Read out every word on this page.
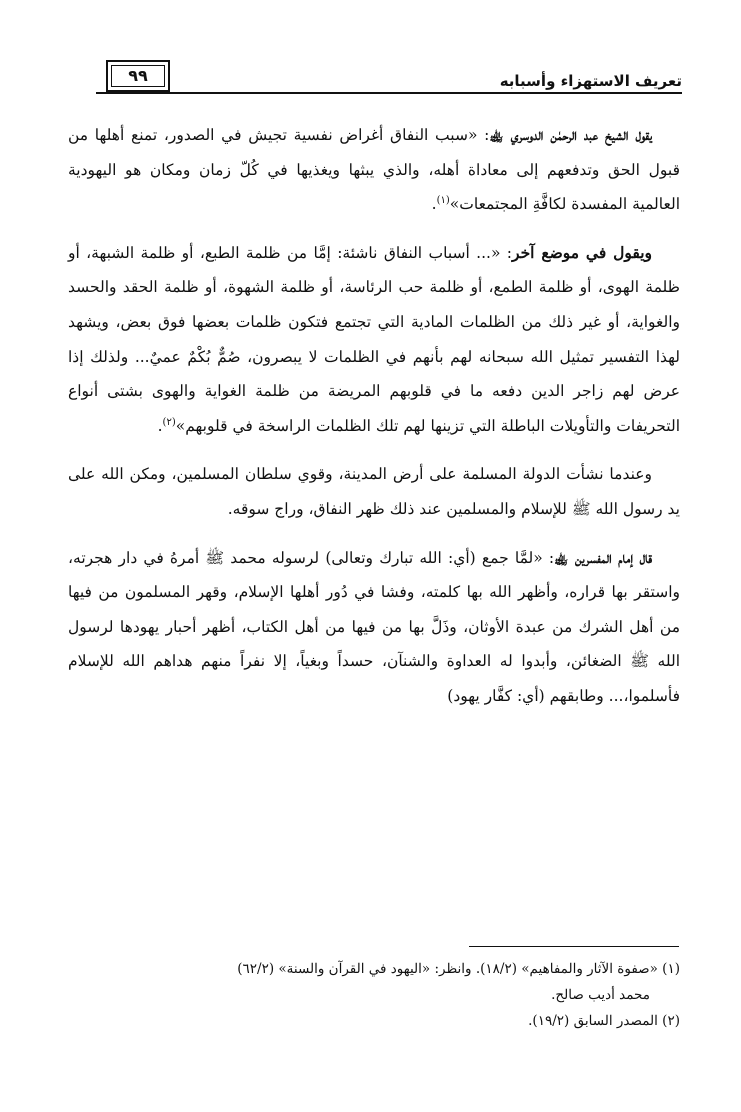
تعريف الاستهزاء وأسبابه
٩٩

يقول الشيخ عبد الرحمٰن الدوسري ﵀: «سبب النفاق أغراض نفسية تجيش في الصدور، تمنع أهلها من قبول الحق وتدفعهم إلى معاداة أهله، والذي يبثها ويغذيها في كُلّ زمان ومكان هو اليهودية العالمية المفسدة لكافَّةِ المجتمعات»$^{(١)}$.

ويقول في موضع آخر: «... أسباب النفاق ناشئة: إمَّا من ظلمة الطبع، أو ظلمة الشبهة، أو ظلمة الهوى، أو ظلمة الطمع، أو ظلمة حب الرئاسة، أو ظلمة الشهوة، أو ظلمة الحقد والحسد والغواية، أو غير ذلك من الظلمات المادية التي تجتمع فتكون ظلمات بعضها فوق بعض، ويشهد لهذا التفسير تمثيل الله سبحانه لهم بأنهم في الظلمات لا يبصرون، صُمٌّ بُكْمٌ عميٌ... ولذلك إذا عرض لهم زاجر الدين دفعه ما في قلوبهم المريضة من ظلمة الغواية والهوى بشتى أنواع التحريفات والتأويلات الباطلة التي تزينها لهم تلك الظلمات الراسخة في قلوبهم»$^{(٢)}$.

وعندما نشأت الدولة المسلمة على أرض المدينة، وقوي سلطان المسلمين، ومكن الله على يد رسول الله ﷺ للإسلام والمسلمين عند ذلك ظهر النفاق، وراج سوقه.

قال إمام المفسرين ﵀: «لمَّا جمع (أي: الله تبارك وتعالى) لرسوله محمد ﷺ أمرهُ في دار هجرته، واستقر بها قراره، وأظهر الله بها كلمته، وفشا في دُور أهلها الإسلام، وقهر المسلمون من فيها من أهل الشرك من عبدة الأوثان، وذَلَّ بها من فيها من أهل الكتاب، أظهر أحبار يهودها لرسول الله ﷺ الضغائن، وأبدوا له العداوة والشنآن، حسداً وبغياً، إلا نفراً منهم هداهم الله للإسلام فأسلموا،... وطابقهم (أي: كفَّار يهود)

(١) «صفوة الآثار والمفاهيم» (١٨/٢). وانظر: «اليهود في القرآن والسنة» (٦٢/٢)

محمد أديب صالح.

(٢) المصدر السابق (١٩/٢).
